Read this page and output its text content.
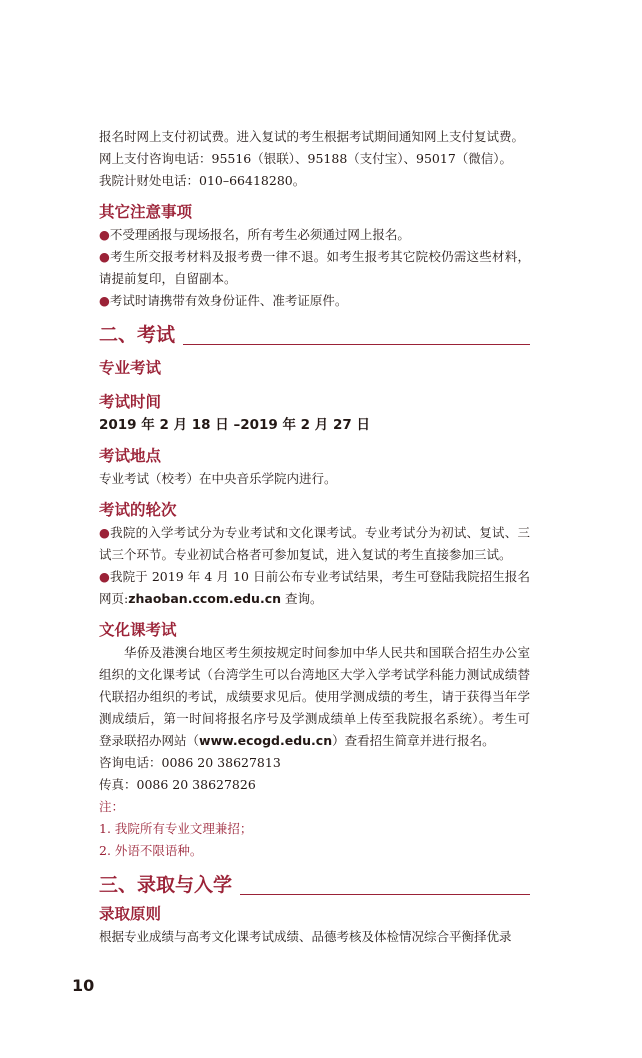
报名时网上支付初试费。进入复试的考生根据考试期间通知网上支付复试费。
网上支付咨询电话：95516（银联）、95188（支付宝）、95017（微信）。
我院计财处电话：010–66418280。
其它注意事项
●不受理函报与现场报名，所有考生必须通过网上报名。
●考生所交报考材料及报考费一律不退。如考生报考其它院校仍需这些材料，请提前复印，自留副本。
●考试时请携带有效身份证件、准考证原件。
二、考试
专业考试
考试时间
2019 年 2 月 18 日 –2019 年 2 月 27 日
考试地点
专业考试（校考）在中央音乐学院内进行。
考试的轮次
●我院的入学考试分为专业考试和文化课考试。专业考试分为初试、复试、三试三个环节。专业初试合格者可参加复试，进入复试的考生直接参加三试。
●我院于 2019 年 4 月 10 日前公布专业考试结果，考生可登陆我院招生报名网页:zhaoban.ccom.edu.cn 查询。
文化课考试
华侨及港澳台地区考生须按规定时间参加中华人民共和国联合招生办公室组织的文化课考试（台湾学生可以台湾地区大学入学考试学科能力测试成绩替代联招办组织的考试，成绩要求见后。使用学测成绩的考生，请于获得当年学测成绩后，第一时间将报名序号及学测成绩单上传至我院报名系统）。考生可登录联招办网站（www.ecogd.edu.cn）查看招生简章并进行报名。
咨询电话：0086 20 38627813
传真：0086 20 38627826
注：
1. 我院所有专业文理兼招；
2. 外语不限语种。
三、录取与入学
录取原则
根据专业成绩与高考文化课考试成绩、品德考核及体检情况综合平衡择优录
10
